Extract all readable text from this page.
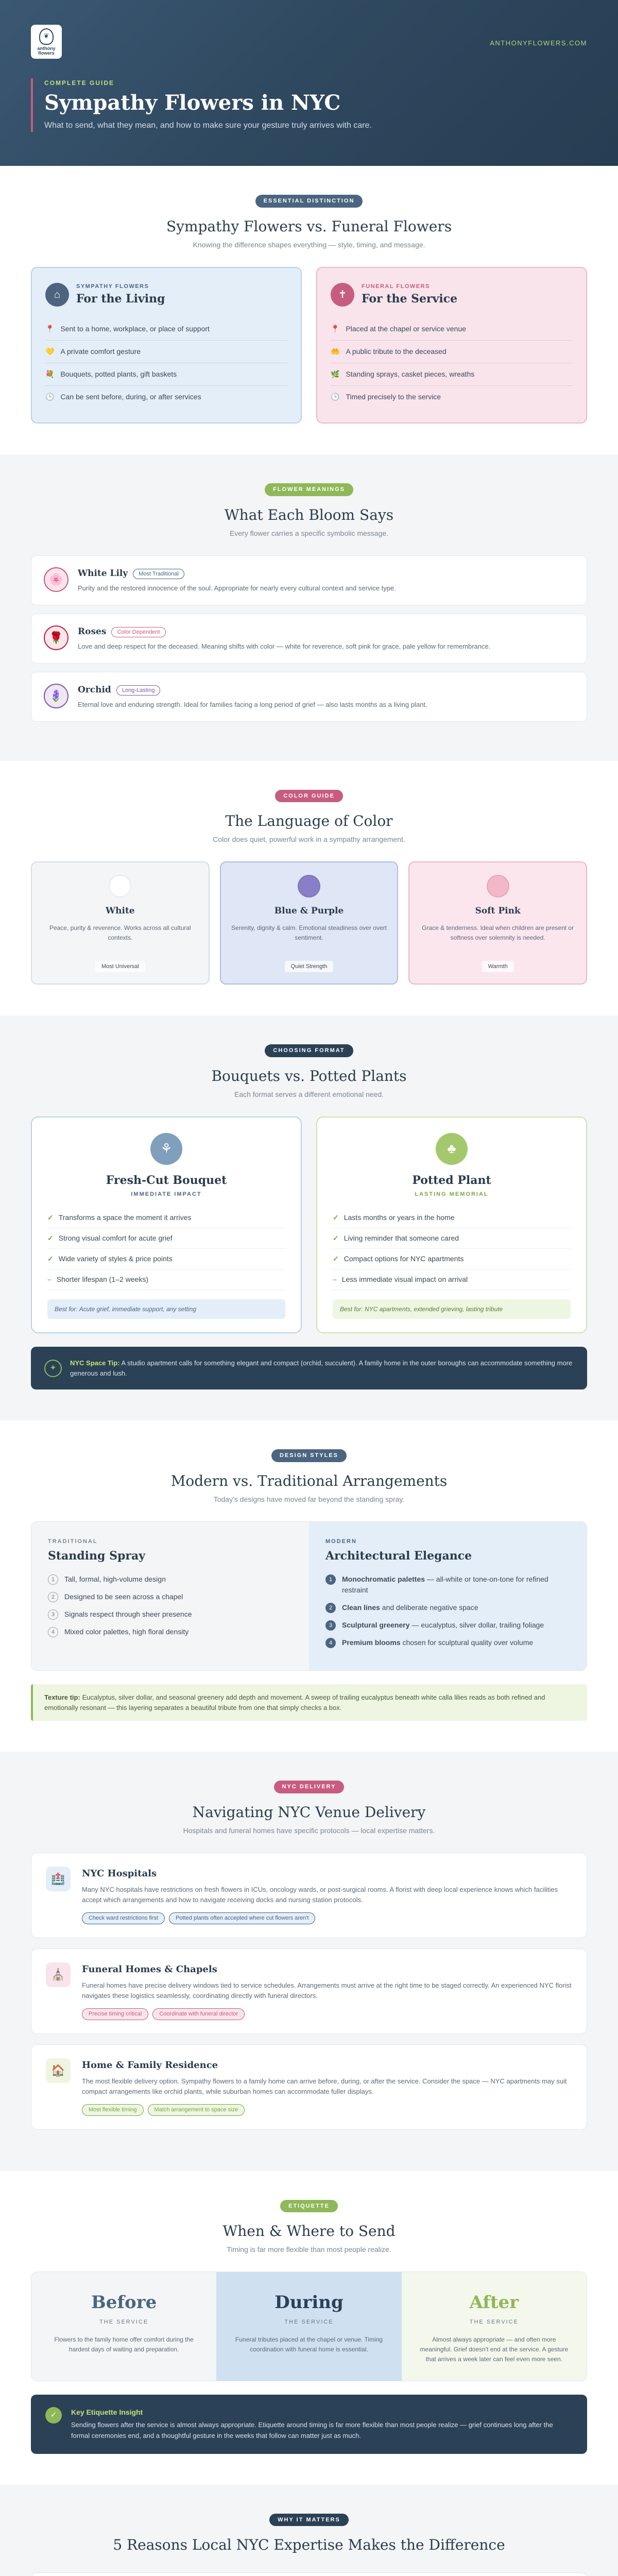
❦
anthony flowers
ANTHONYFLOWERS.COM
COMPLETE GUIDE
Sympathy Flowers in NYC

What to send, what they mean, and how to make sure your gesture truly arrives with care.

ESSENTIAL DISTINCTION
Sympathy Flowers vs. Funeral Flowers
Knowing the difference shapes everything — style, timing, and message.
⌂
SYMPATHY FLOWERS
For the Living
📍 Sent to a home, workplace, or place of support
💛 A private comfort gesture
💐 Bouquets, potted plants, gift baskets
🕒 Can be sent before, during, or after services
✝
FUNERAL FLOWERS
For the Service
📍 Placed at the chapel or service venue
🤲 A public tribute to the deceased
🌿 Standing sprays, casket pieces, wreaths
🕒 Timed precisely to the service
FLOWER MEANINGS
What Each Bloom Says
Every flower carries a specific symbolic message.
🌸	White Lily Most Traditional
Purity and the restored innocence of the soul. Appropriate for nearly every cultural context and service type.
🌹	Roses Color Dependent
Love and deep respect for the deceased. Meaning shifts with color — white for reverence, soft pink for grace, pale yellow for remembrance.
🪻	Orchid Long-Lasting
Eternal love and enduring strength. Ideal for families facing a long period of grief — also lasts months as a living plant.
COLOR GUIDE
The Language of Color
Color does quiet, powerful work in a sympathy arrangement.
White
Peace, purity & reverence. Works across all cultural contexts.
Most Universal
Blue & Purple
Serenity, dignity & calm. Emotional steadiness over overt sentiment.
Quiet Strength
Soft Pink
Grace & tenderness. Ideal when children are present or softness over solemnity is needed.
Warmth
CHOOSING FORMAT
Bouquets vs. Potted Plants
Each format serves a different emotional need.
⚘
Fresh-Cut Bouquet
IMMEDIATE IMPACT
✓ Transforms a space the moment it arrives
✓ Strong visual comfort for acute grief
✓ Wide variety of styles & price points
– Shorter lifespan (1–2 weeks)
Best for: Acute grief, immediate support, any setting
♣
Potted Plant
LASTING MEMORIAL
✓ Lasts months or years in the home
✓ Living reminder that someone cared
✓ Compact options for NYC apartments
– Less immediate visual impact on arrival
Best for: NYC apartments, extended grieving, lasting tribute
✦
NYC Space Tip: A studio apartment calls for something elegant and compact (orchid, succulent). A family home in the outer boroughs can accommodate something more generous and lush.
DESIGN STYLES
Modern vs. Traditional Arrangements
Today's designs have moved far beyond the standing spray.
TRADITIONAL
Standing Spray
1	Tall, formal, high-volume design
2	Designed to be seen across a chapel
3	Signals respect through sheer presence
4	Mixed color palettes, high floral density
MODERN
Architectural Elegance
1	Monochromatic palettes — all-white or tone-on-tone for refined restraint
2	Clean lines and deliberate negative space
3	Sculptural greenery — eucalyptus, silver dollar, trailing foliage
4	Premium blooms chosen for sculptural quality over volume
Texture tip: Eucalyptus, silver dollar, and seasonal greenery add depth and movement. A sweep of trailing eucalyptus beneath white calla lilies reads as both refined and emotionally resonant — this layering separates a beautiful tribute from one that simply checks a box.
NYC DELIVERY
Navigating NYC Venue Delivery
Hospitals and funeral homes have specific protocols — local expertise matters.
🏥	NYC Hospitals
Many NYC hospitals have restrictions on fresh flowers in ICUs, oncology wards, or post-surgical rooms. A florist with deep local experience knows which facilities accept which arrangements and how to navigate receiving docks and nursing station protocols.
Check ward restrictions first	Potted plants often accepted where cut flowers aren't
⛪	Funeral Homes & Chapels
Funeral homes have precise delivery windows tied to service schedules. Arrangements must arrive at the right time to be staged correctly. An experienced NYC florist navigates these logistics seamlessly, coordinating directly with funeral directors.
Precise timing critical	Coordinate with funeral director
🏠	Home & Family Residence
The most flexible delivery option. Sympathy flowers to a family home can arrive before, during, or after the service. Consider the space — NYC apartments may suit compact arrangements like orchid plants, while suburban homes can accommodate fuller displays.
Most flexible timing	Match arrangement to space size
ETIQUETTE
When & Where to Send
Timing is far more flexible than most people realize.
Before
THE SERVICE
Flowers to the family home offer comfort during the hardest days of waiting and preparation.
During
THE SERVICE
Funeral tributes placed at the chapel or venue. Timing coordination with funeral home is essential.
After
THE SERVICE
Almost always appropriate — and often more meaningful. Grief doesn't end at the service. A gesture that arrives a week later can feel even more seen.
✓	Key Etiquette Insight
Sending flowers after the service is almost always appropriate. Etiquette around timing is far more flexible than most people realize — grief continues long after the formal ceremonies end, and a thoughtful gesture in the weeks that follow can matter just as much.
WHY IT MATTERS
5 Reasons Local NYC Expertise Makes the Difference
